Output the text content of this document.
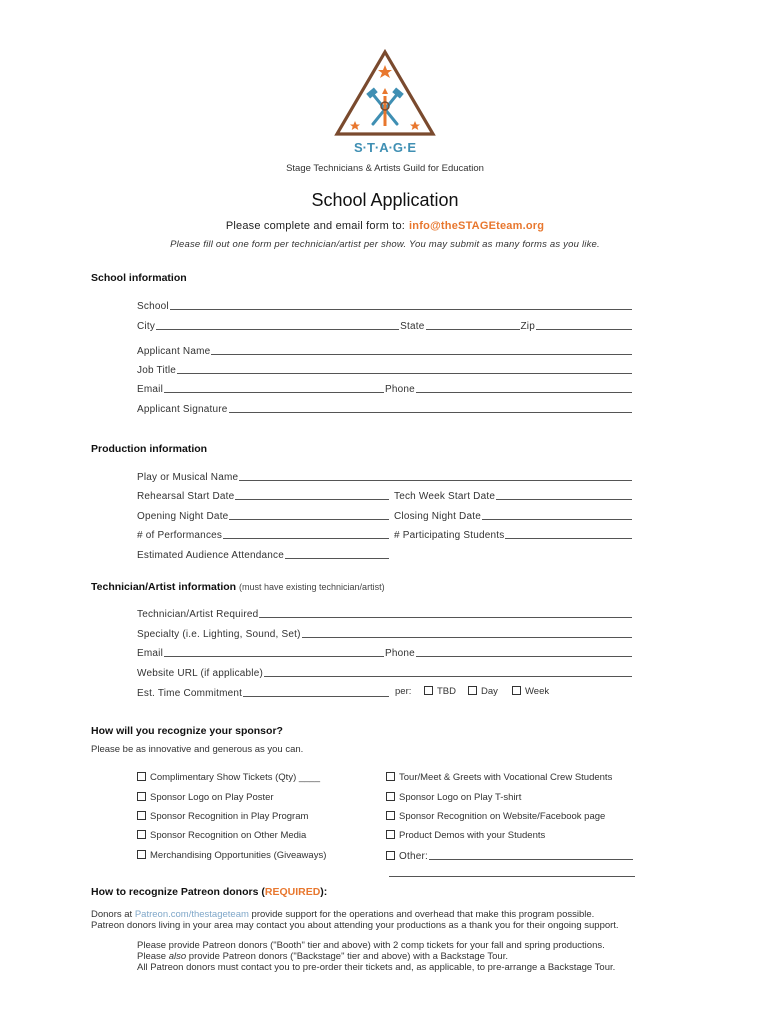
S·T·A·G·E
Stage Technicians & Artists Guild for Education
School Application
Please complete and email form to: info@theSTAGEteam.org
Please fill out one form per technician/artist per show. You may submit as many forms as you like.
School information
School
City	State	Zip
Applicant Name
Job Title
Email	Phone
Applicant Signature
Production information
Play or Musical Name
Rehearsal Start Date	Tech Week Start Date
Opening Night Date	Closing Night Date
# of Performances	# Participating Students
Estimated Audience Attendance
Technician/Artist information (must have existing technician/artist)
Technician/Artist Required
Specialty (i.e. Lighting, Sound, Set)
Email	Phone
Website URL (if applicable)
Est. Time Commitment	per:	TBD	Day	Week
How will you recognize your sponsor?
Please be as innovative and generous as you can.
Complimentary Show Tickets (Qty) ____
Sponsor Logo on Play Poster
Sponsor Recognition in Play Program
Sponsor Recognition on Other Media
Merchandising Opportunities (Giveaways)
Tour/Meet & Greets with Vocational Crew Students
Sponsor Logo on Play T-shirt
Sponsor Recognition on Website/Facebook page
Product Demos with your Students
Other:
How to recognize Patreon donors (REQUIRED):
Donors at Patreon.com/thestageteam provide support for the operations and overhead that make this program possible.
Patreon donors living in your area may contact you about attending your productions as a thank you for their ongoing support.
Please provide Patreon donors ("Booth" tier and above) with 2 comp tickets for your fall and spring productions.
Please also provide Patreon donors ("Backstage" tier and above) with a Backstage Tour.
All Patreon donors must contact you to pre-order their tickets and, as applicable, to pre-arrange a Backstage Tour.
